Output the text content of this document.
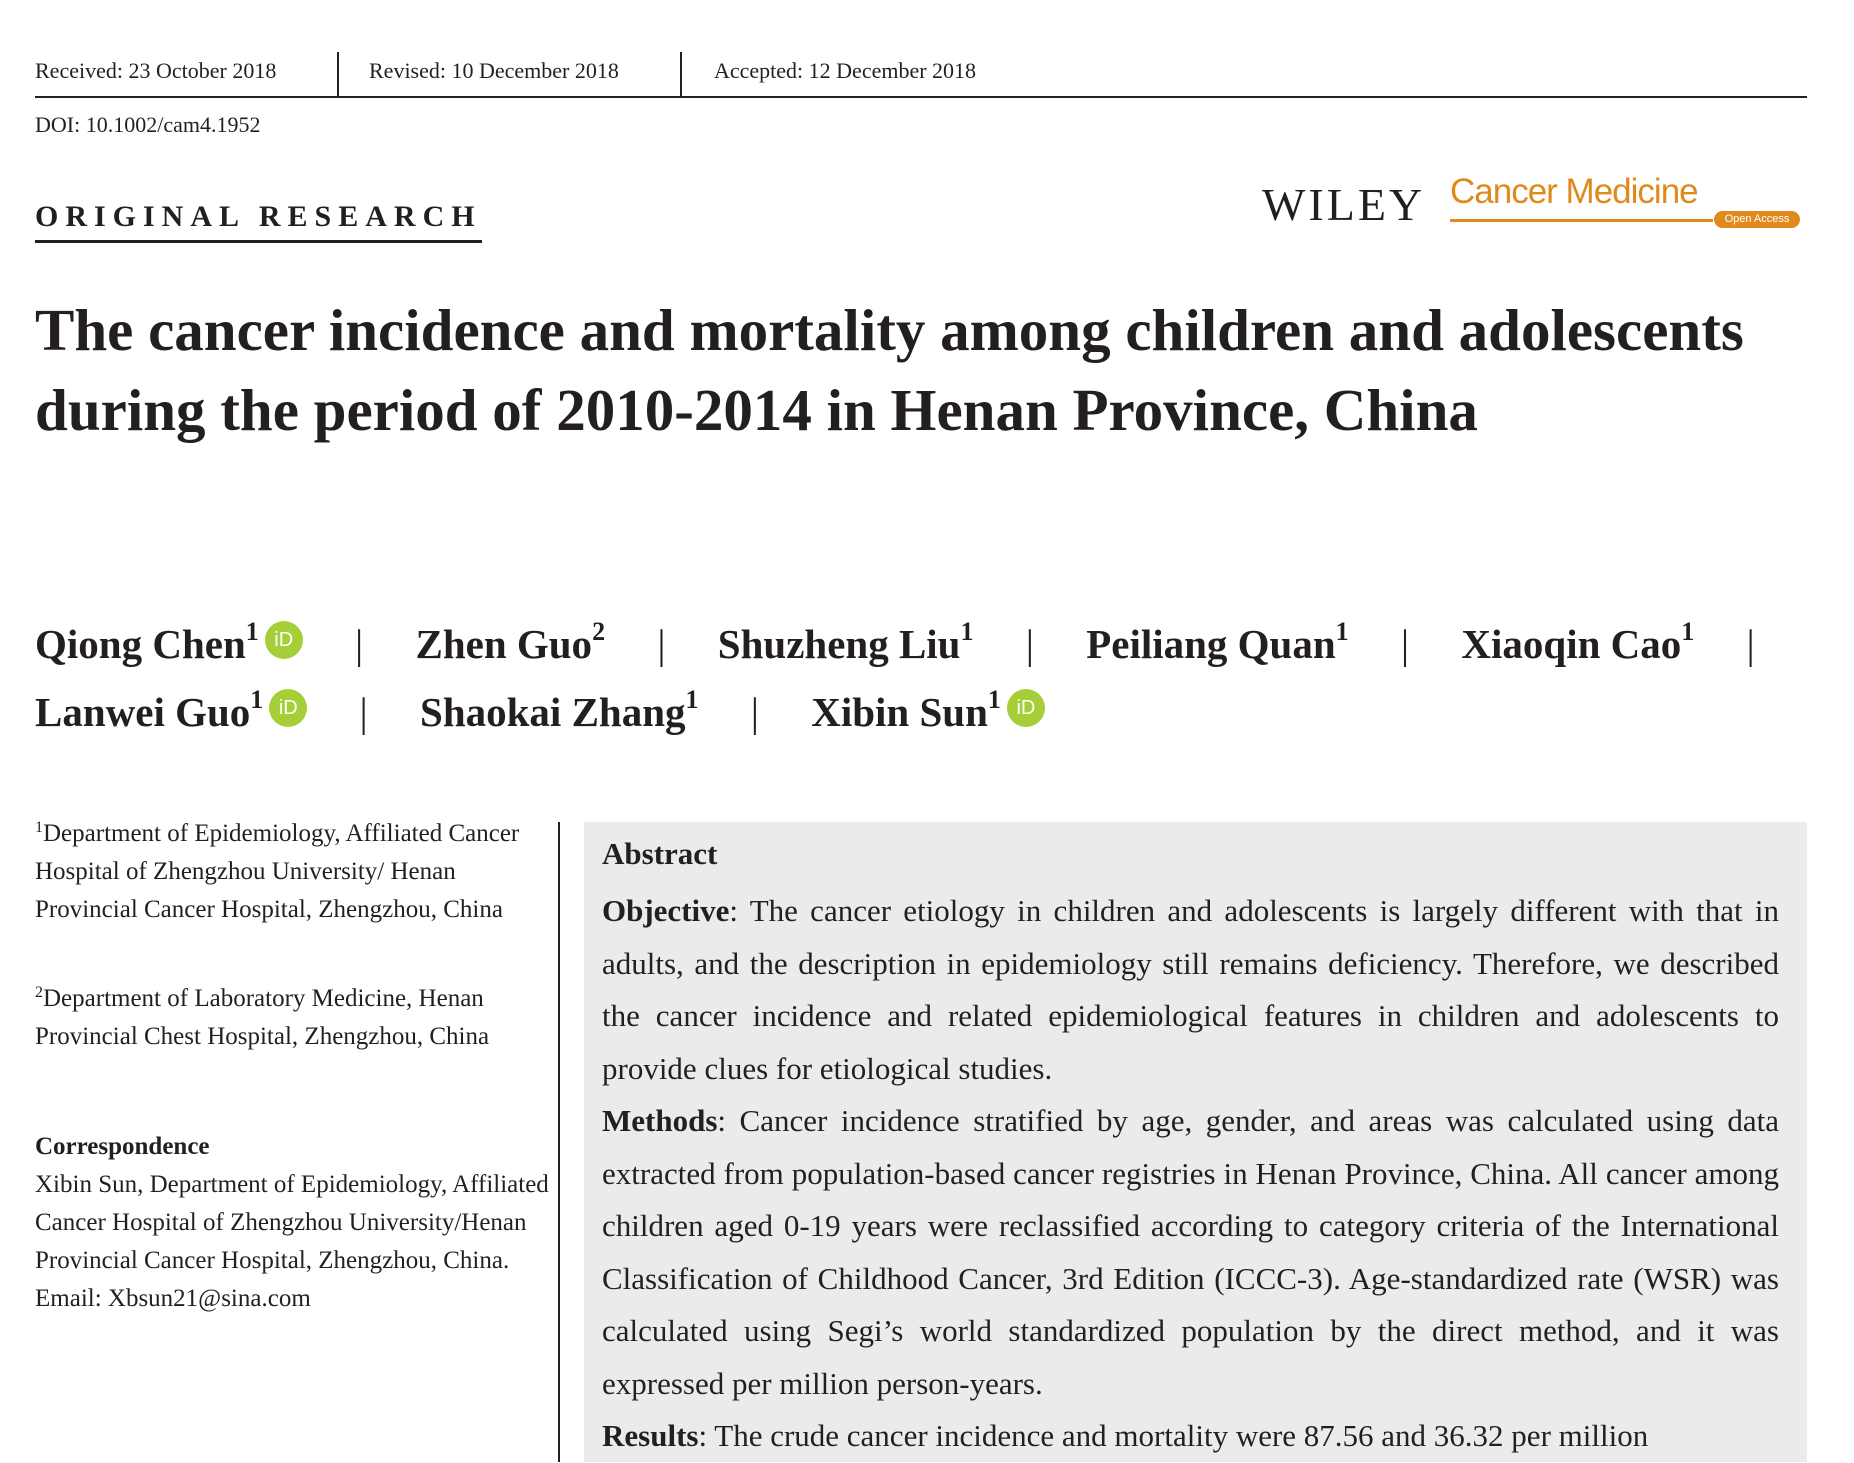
Received: 23 October 2018	Revised: 10 December 2018	Accepted: 12 December 2018
DOI: 10.1002/cam4.1952
ORIGINAL RESEARCH	WILEY Cancer Medicine
Open Access
The cancer incidence and mortality among children and adolescents during the period of 2010-2014 in Henan Province, China
Qiong Chen$^1$ iD | Zhen Guo$^2$ | Shuzheng Liu$^1$ | Peiliang Quan$^1$ | Xiaoqin Cao$^1$ |
Lanwei Guo$^1$ iD | Shaokai Zhang$^1$ | Xibin Sun$^1$ iD
$^1$Department of Epidemiology, Affiliated Cancer Hospital of Zhengzhou University/ Henan Provincial Cancer Hospital, Zhengzhou, China
$^2$Department of Laboratory Medicine, Henan Provincial Chest Hospital, Zhengzhou, China
Correspondence
Xibin Sun, Department of Epidemiology, Affiliated Cancer Hospital of Zhengzhou University/Henan Provincial Cancer Hospital, Zhengzhou, China.
Email: Xbsun21@sina.com
Abstract

Objective: The cancer etiology in children and adolescents is largely different with that in adults, and the description in epidemiology still remains deficiency. Therefore, we described the cancer incidence and related epidemiological features in children and adolescents to provide clues for etiological studies.
Methods: Cancer incidence stratified by age, gender, and areas was calculated using data extracted from population-based cancer registries in Henan Province, China. All cancer among children aged 0-19 years were reclassified according to category criteria of the International Classification of Childhood Cancer, 3rd Edition (ICCC-3). Age-standardized rate (WSR) was calculated using Segi’s world standardized population by the direct method, and it was expressed per million person-years.
Results: The crude cancer incidence and mortality were 87.56 and 36.32 per million
